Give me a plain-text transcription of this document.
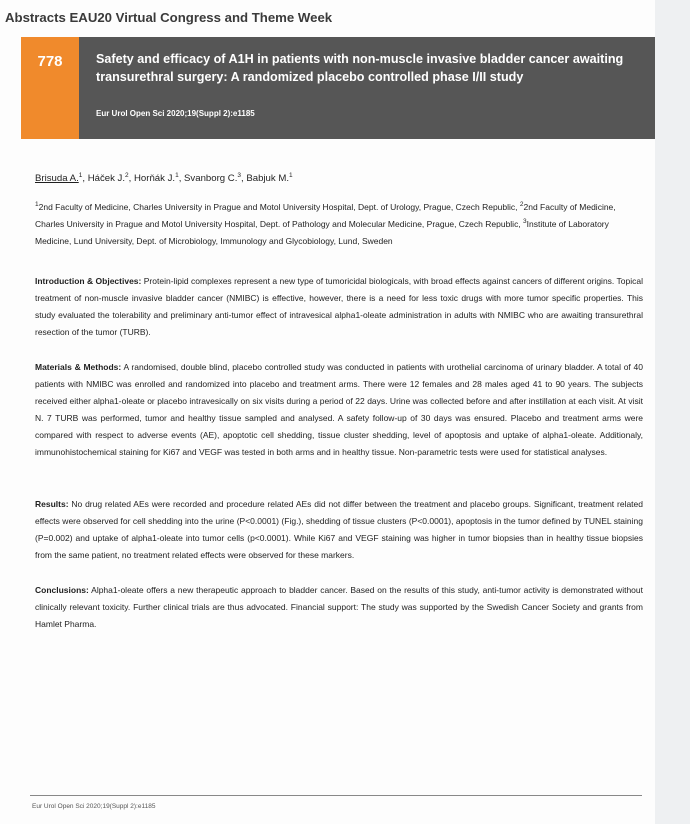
Abstracts EAU20 Virtual Congress and Theme Week
778	Safety and efficacy of A1H in patients with non-muscle invasive bladder cancer awaiting transurethral surgery: A randomized placebo controlled phase I/II study
Eur Urol Open Sci 2020;19(Suppl 2):e1185
Brisuda A.$^1$, Háček J.$^2$, Horňák J.$^1$, Svanborg C.$^3$, Babjuk M.$^1$
$^1$2nd Faculty of Medicine, Charles University in Prague and Motol University Hospital, Dept. of Urology, Prague, Czech Republic, $^2$2nd Faculty of Medicine, Charles University in Prague and Motol University Hospital, Dept. of Pathology and Molecular Medicine, Prague, Czech Republic, $^3$Institute of Laboratory Medicine, Lund University, Dept. of Microbiology, Immunology and Glycobiology, Lund, Sweden
Introduction & Objectives: Protein-lipid complexes represent a new type of tumoricidal biologicals, with broad effects against cancers of different origins. Topical treatment of non-muscle invasive bladder cancer (NMIBC) is effective, however, there is a need for less toxic drugs with more tumor specific properties. This study evaluated the tolerability and preliminary anti-tumor effect of intravesical alpha1-oleate administration in adults with NMIBC who are awaiting transurethral resection of the tumor (TURB).
Materials & Methods: A randomised, double blind, placebo controlled study was conducted in patients with urothelial carcinoma of urinary bladder. A total of 40 patients with NMIBC was enrolled and randomized into placebo and treatment arms. There were 12 females and 28 males aged 41 to 90 years. The subjects received either alpha1-oleate or placebo intravesically on six visits during a period of 22 days. Urine was collected before and after instillation at each visit. At visit N. 7 TURB was performed, tumor and healthy tissue sampled and analysed. A safety follow-up of 30 days was ensured. Placebo and treatment arms were compared with respect to adverse events (AE), apoptotic cell shedding, tissue cluster shedding, level of apoptosis and uptake of alpha1-oleate. Additionaly, immunohistochemical staining for Ki67 and VEGF was tested in both arms and in healthy tissue. Non-parametric tests were used for statistical analyses.
Results: No drug related AEs were recorded and procedure related AEs did not differ between the treatment and placebo groups. Significant, treatment related effects were observed for cell shedding into the urine (P<0.0001) (Fig.), shedding of tissue clusters (P<0.0001), apoptosis in the tumor defined by TUNEL staining (P=0.002) and uptake of alpha1-oleate into tumor cells (p<0.0001). While Ki67 and VEGF staining was higher in tumor biopsies than in healthy tissue biopsies from the same patient, no treatment related effects were observed for these markers.
Conclusions: Alpha1-oleate offers a new therapeutic approach to bladder cancer. Based on the results of this study, anti-tumor activity is demonstrated without clinically relevant toxicity. Further clinical trials are thus advocated. Financial support: The study was supported by the Swedish Cancer Society and grants from Hamlet Pharma.
Eur Urol Open Sci 2020;19(Suppl 2):e1185
